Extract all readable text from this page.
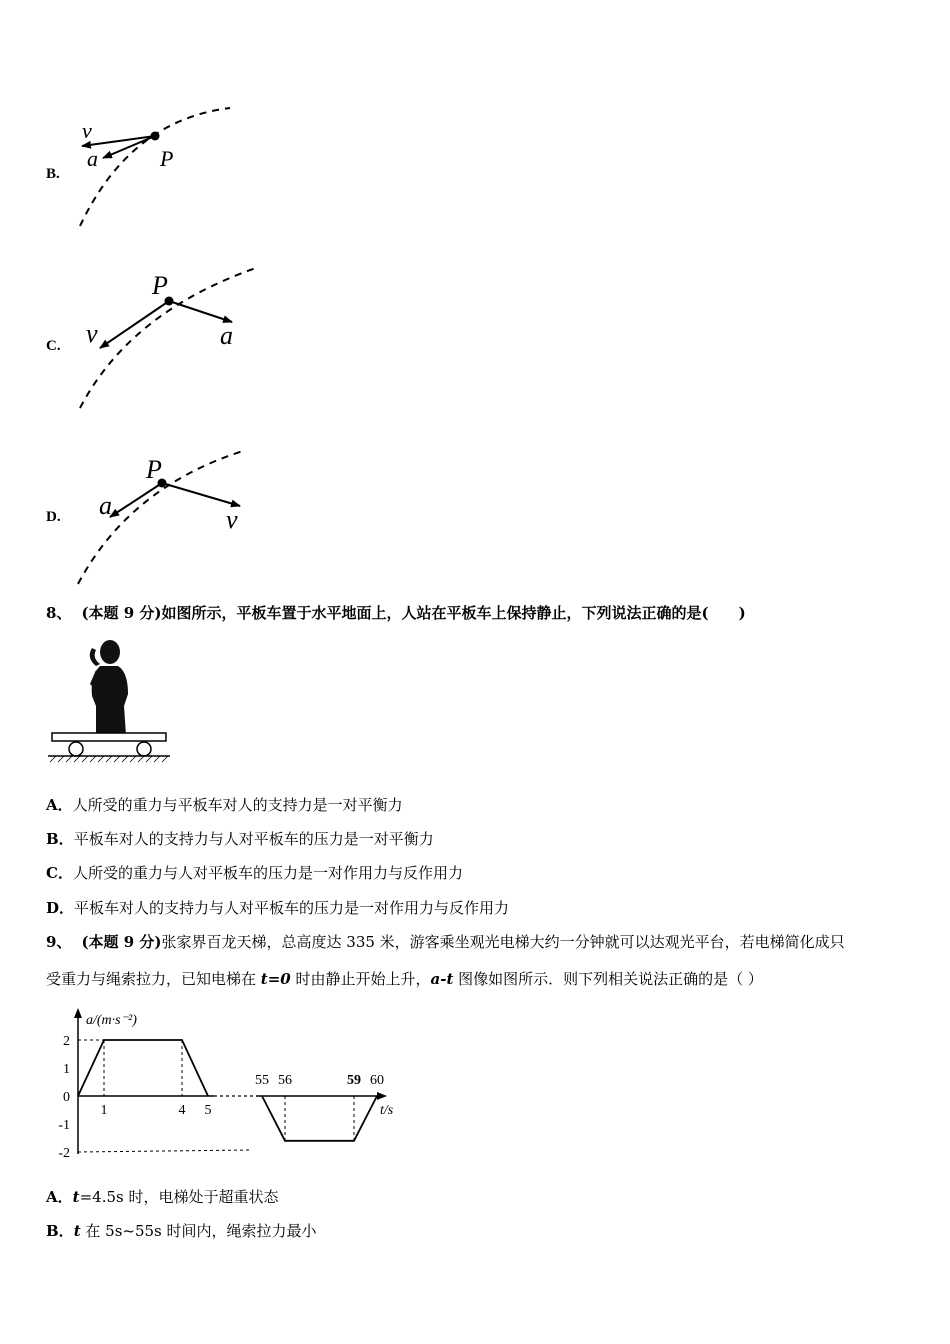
B.
v
a	P
C.
P
v	a
D.
P
a	v
8、 (本题 9 分)如图所示，平板车置于水平地面上，人站在平板车上保持静止，下列说法正确的是(　　)
A．人所受的重力与平板车对人的支持力是一对平衡力
B．平板车对人的支持力与人对平板车的压力是一对平衡力
C．人所受的重力与人对平板车的压力是一对作用力与反作用力
D．平板车对人的支持力与人对平板车的压力是一对作用力与反作用力
9、 (本题 9 分)张家界百龙天梯，总高度达 335 米，游客乘坐观光电梯大约一分钟就可以达观光平台，若电梯简化成只
受重力与绳索拉力，已知电梯在 t=0 时由静止开始上升，a-t 图像如图所示．则下列相关说法正确的是（ ）
a/(m·s⁻²)
t/s
2
1
0
-1
-2
1	4 5
55 56	59 60
A．t=4.5s 时，电梯处于超重状态
B．t 在 5s~55s 时间内，绳索拉力最小
